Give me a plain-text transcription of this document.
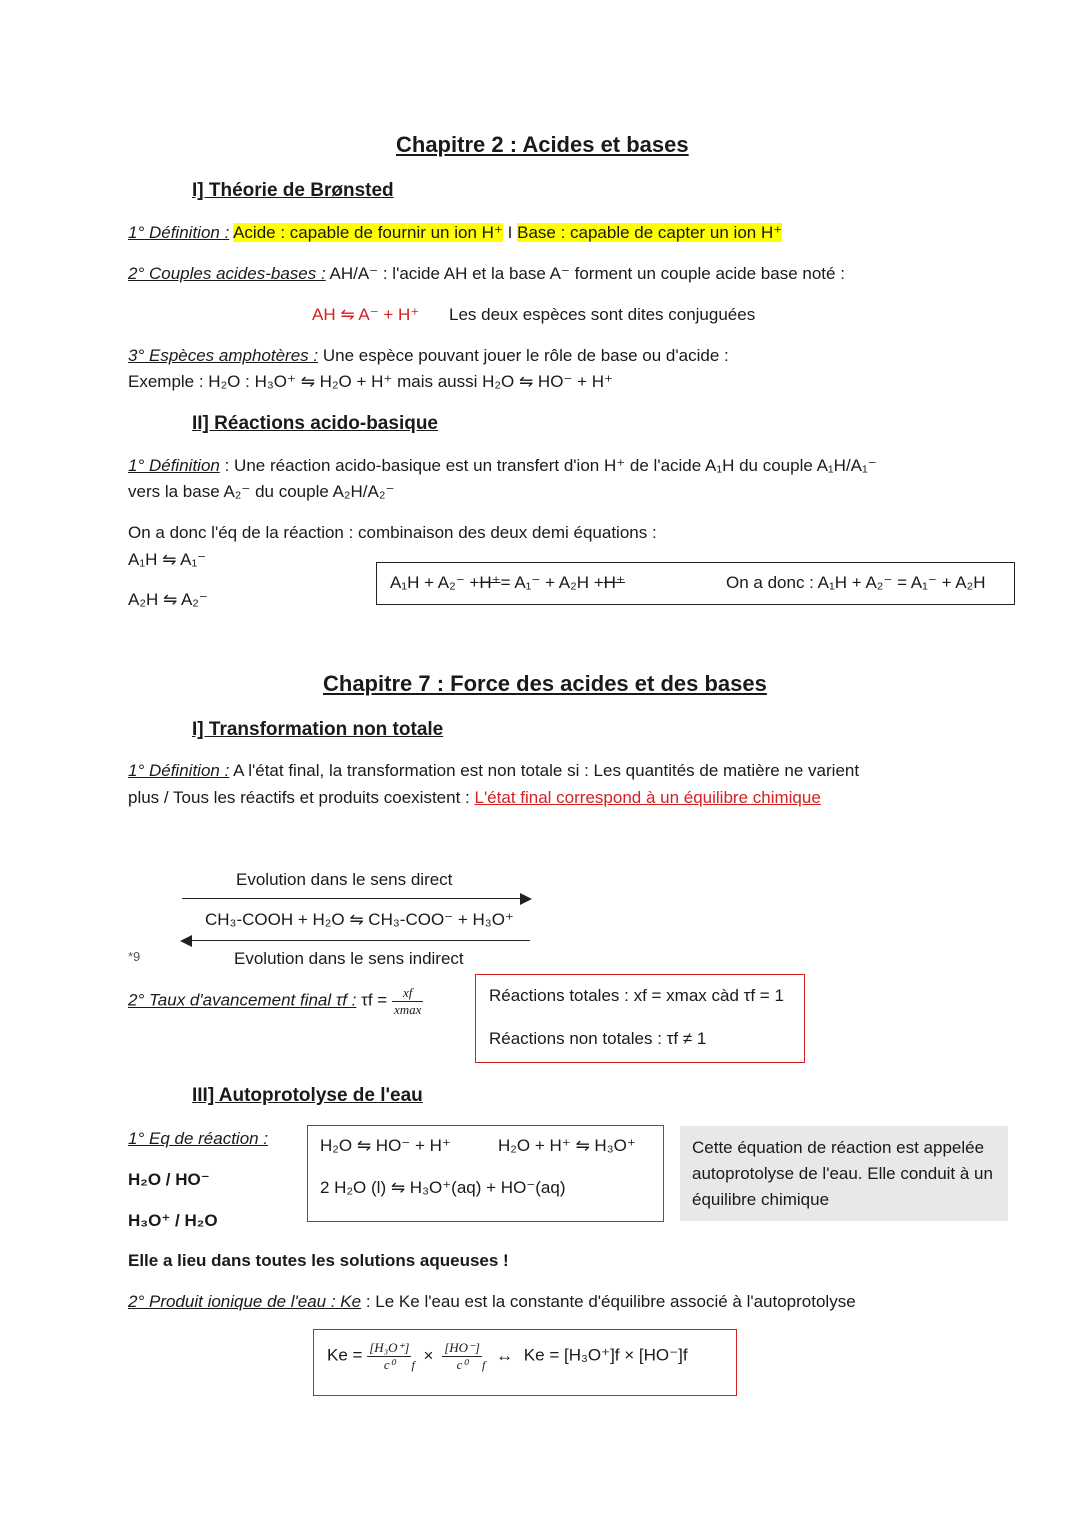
Chapitre 2 : Acides et bases
I] Théorie de Brønsted
1° Définition : Acide : capable de fournir un ion H⁺ I Base : capable de capter un ion H⁺
2° Couples acides-bases : AH/A⁻ : l'acide AH et la base A⁻ forment un couple acide base noté :
AH ⇋ A⁻ + H⁺ Les deux espèces sont dites conjuguées
3° Espèces amphotères : Une espèce pouvant jouer le rôle de base ou d'acide :
Exemple : H₂O : H₃O⁺ ⇋ H₂O + H⁺ mais aussi H₂O ⇋ HO⁻ + H⁺
II] Réactions acido-basique
1° Définition : Une réaction acido-basique est un transfert d'ion H⁺ de l'acide A₁H du couple A₁H/A₁⁻
vers la base A₂⁻ du couple A₂H/A₂⁻
On a donc l'éq de la réaction : combinaison des deux demi équations :
A₁H ⇋ A₁⁻
A₂H ⇋ A₂⁻
A₁H + A₂⁻ +H⁺= A₁⁻ + A₂H +H⁺	On a donc : A₁H + A₂⁻ = A₁⁻ + A₂H
Chapitre 7 : Force des acides et des bases
I] Transformation non totale
1° Définition : A l'état final, la transformation est non totale si : Les quantités de matière ne varient
plus / Tous les réactifs et produits coexistent : L'état final correspond à un équilibre chimique
Evolution dans le sens direct
CH₃-COOH + H₂O ⇋ CH₃-COO⁻ + H₃O⁺
Evolution dans le sens indirect
*9
2° Taux d'avancement final τf : $\tau f = \frac{xf}{xmax}$	Réactions totales : xf = xmax càd τf = 1
Réactions non totales : τf ≠ 1
III] Autoprotolyse de l'eau
1° Eq de réaction :
H₂O / HO⁻
H₃O⁺ / H₂O
H₂O ⇋ HO⁻ + H⁺	H₂O + H⁺ ⇋ H₃O⁺
2 H₂O (l) ⇋ H₃O⁺(aq) + HO⁻(aq)
Cette équation de réaction est appelée autoprotolyse de l'eau. Elle conduit à un équilibre chimique
Elle a lieu dans toutes les solutions aqueuses !
2° Produit ionique de l'eau : Ke : Le Ke l'eau est la constante d'équilibre associé à l'autoprotolyse
$Ke = \frac{\text{[H₃O⁺]}}{\text{c⁰}}$ $f \times \frac{[HO^-]}{\text{c⁰}}$ f ↔ Ke = [H₃O⁺]f × [HO⁻]f
